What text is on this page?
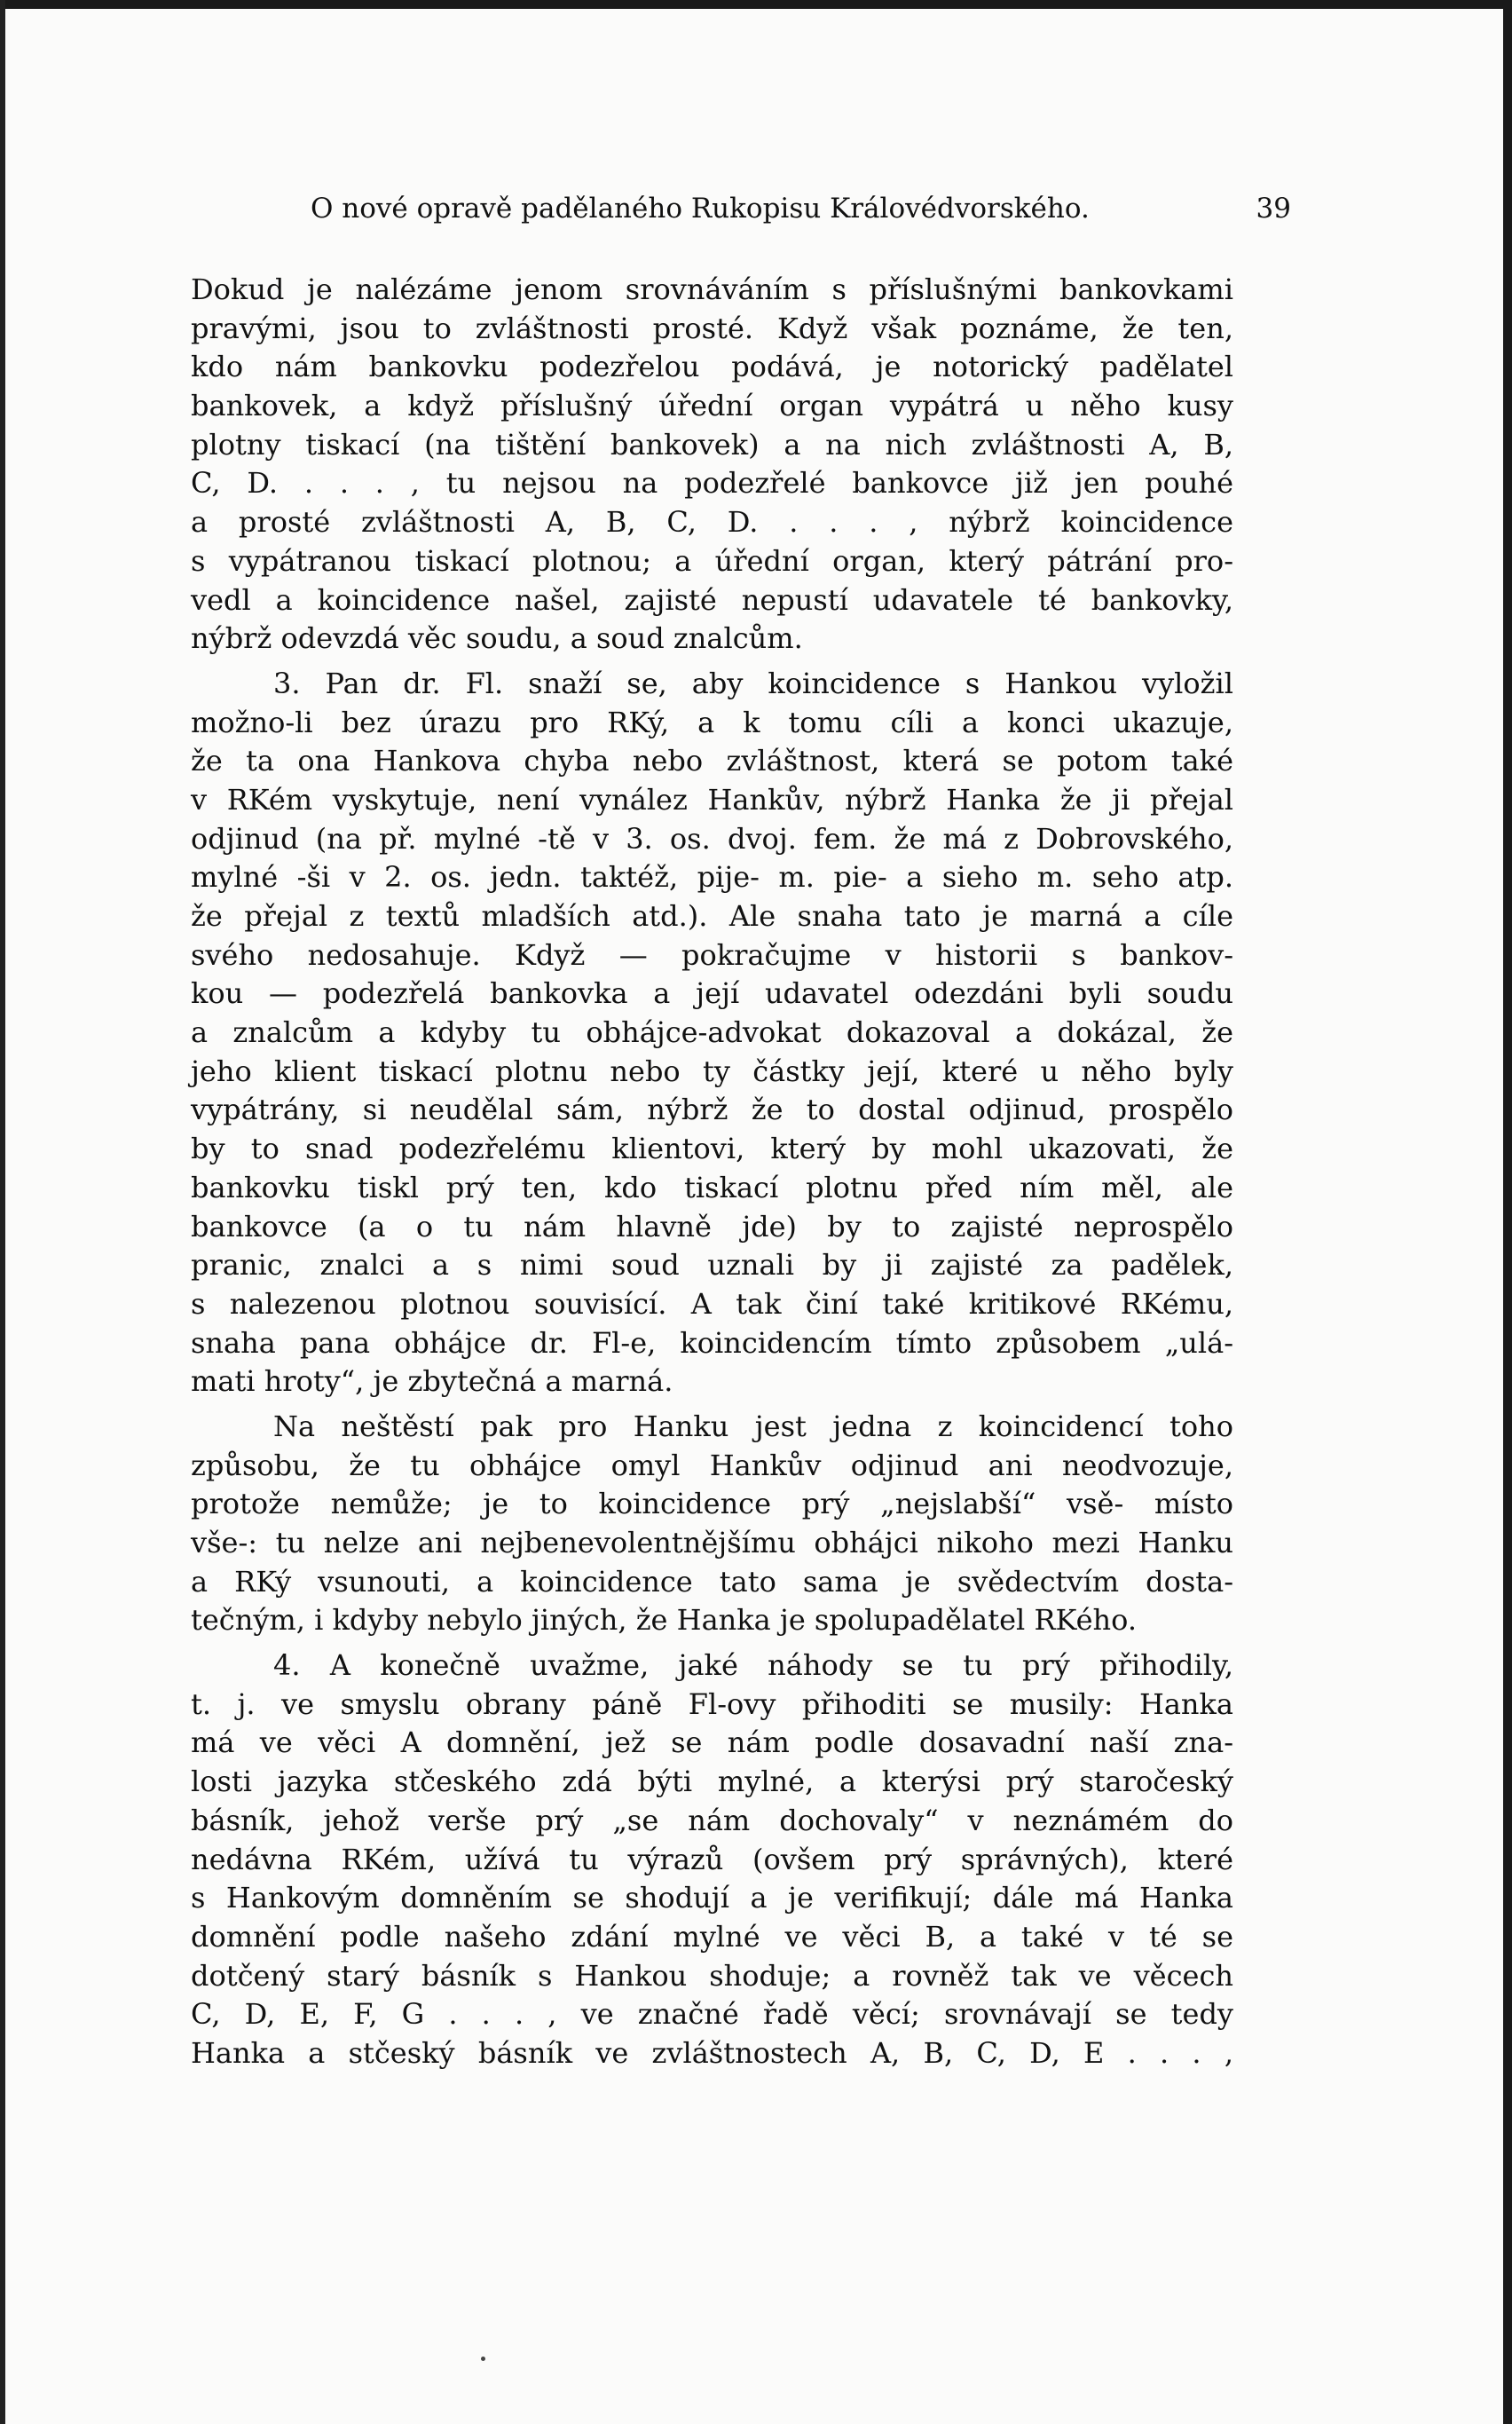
O nové opravě padělaného Rukopisu Královédvorského.	39
Dokud je nalézáme jenom srovnáváním s příslušnými bankovkami
pravými, jsou to zvláštnosti prosté. Když však poznáme, že ten,
kdo nám bankovku podezřelou podává, je notorický padělatel
bankovek, a když příslušný úřední organ vypátrá u něho kusy
plotny tiskací (na tištění bankovek) a na nich zvláštnosti A, B,
C, D. . . . , tu nejsou na podezřelé bankovce již jen pouhé
a prosté zvláštnosti A, B, C, D. . . . , nýbrž koincidence
s vypátranou tiskací plotnou; a úřední organ, který pátrání pro-
vedl a koincidence našel, zajisté nepustí udavatele té bankovky,
nýbrž odevzdá věc soudu, a soud znalcům.
3. Pan dr. Fl. snaží se, aby koincidence s Hankou vyložil
možno-li bez úrazu pro RKý, a k tomu cíli a konci ukazuje,
že ta ona Hankova chyba nebo zvláštnost, která se potom také
v RKém vyskytuje, není vynález Hankův, nýbrž Hanka že ji přejal
odjinud (na př. mylné -tě v 3. os. dvoj. fem. že má z Dobrovského,
mylné -ši v 2. os. jedn. taktéž, pije- m. pie- a sieho m. seho atp.
že přejal z textů mladších atd.). Ale snaha tato je marná a cíle
svého nedosahuje. Když — pokračujme v historii s bankov-
kou — podezřelá bankovka a její udavatel odezdáni byli soudu
a znalcům a kdyby tu obhájce-advokat dokazoval a dokázal, že
jeho klient tiskací plotnu nebo ty částky její, které u něho byly
vypátrány, si neudělal sám, nýbrž že to dostal odjinud, prospělo
by to snad podezřelému klientovi, který by mohl ukazovati, že
bankovku tiskl prý ten, kdo tiskací plotnu před ním měl, ale
bankovce (a o tu nám hlavně jde) by to zajisté neprospělo
pranic, znalci a s nimi soud uznali by ji zajisté za padělek,
s nalezenou plotnou souvisící. A tak činí také kritikové RKému,
snaha pana obhájce dr. Fl-e, koincidencím tímto způsobem „ulá-
mati hroty“, je zbytečná a marná.
Na neštěstí pak pro Hanku jest jedna z koincidencí toho
způsobu, že tu obhájce omyl Hankův odjinud ani neodvozuje,
protože nemůže; je to koincidence prý „nejslabší“ vsě- místo
vše-: tu nelze ani nejbenevolentnějšímu obhájci nikoho mezi Hanku
a RKý vsunouti, a koincidence tato sama je svědectvím dosta-
tečným, i kdyby nebylo jiných, že Hanka je spolupadělatel RKého.
4. A konečně uvažme, jaké náhody se tu prý přihodily,
t. j. ve smyslu obrany páně Fl-ovy přihoditi se musily: Hanka
má ve věci A domnění, jež se nám podle dosavadní naší zna-
losti jazyka stčeského zdá býti mylné, a kterýsi prý staročeský
básník, jehož verše prý „se nám dochovaly“ v neznámém do
nedávna RKém, užívá tu výrazů (ovšem prý správných), které
s Hankovým domněním se shodují a je verifikují; dále má Hanka
domnění podle našeho zdání mylné ve věci B, a také v té se
dotčený starý básník s Hankou shoduje; a rovněž tak ve věcech
C, D, E, F, G . . . , ve značné řadě věcí; srovnávají se tedy
Hanka a stčeský básník ve zvláštnostech A, B, C, D, E . . . ,
